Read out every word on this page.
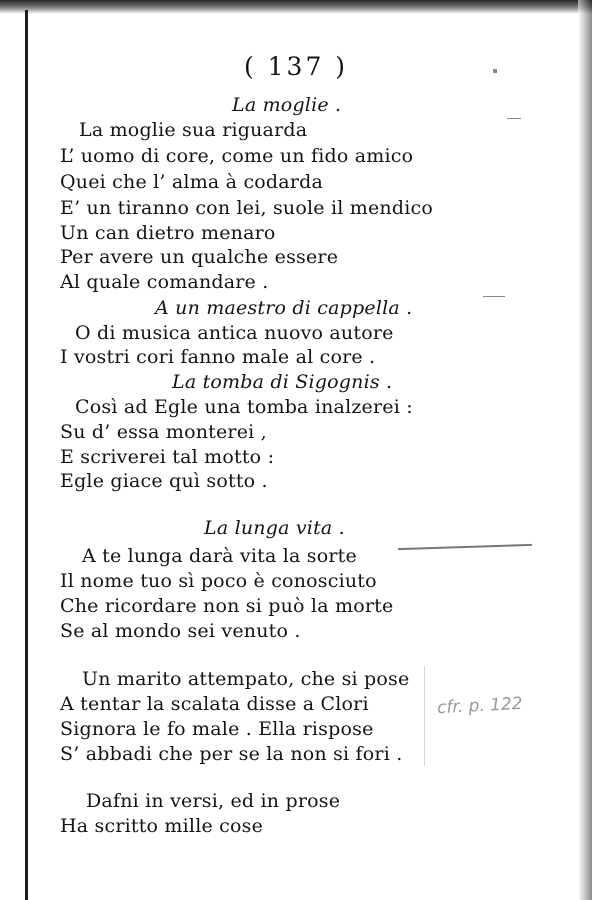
( 137 )
La moglie .
La moglie sua riguarda
L’ uomo di core, come un fido amico
Quei che l’ alma à codarda
E’ un tiranno con lei, suole il mendico
Un can dietro menaro
Per avere un qualche essere
Al quale comandare .
A un maestro di cappella .
O di musica antica nuovo autore
I vostri cori fanno male al core .
La tomba di Sigognis .
Così ad Egle una tomba inalzerei :
Su d’ essa monterei ,
E scriverei tal motto :
Egle giace quì sotto .
La lunga vita .
A te lunga darà vita la sorte
Il nome tuo sì poco è conosciuto
Che ricordare non si può la morte
Se al mondo sei venuto .
Un marito attempato, che si pose
A tentar la scalata disse a Clori
Signora le fo male . Ella rispose
S’ abbadi che per se la non si fori .
Dafni in versi, ed in prose
Ha scritto mille cose
cfr. p. 122
